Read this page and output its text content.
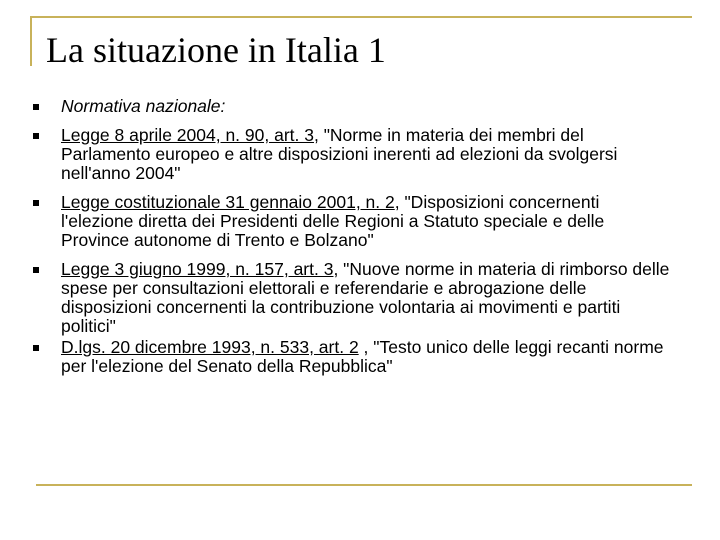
La situazione in Italia 1
Normativa nazionale:
Legge 8 aprile 2004, n. 90, art. 3, "Norme in materia dei membri del Parlamento europeo e altre disposizioni inerenti ad elezioni da svolgersi nell'anno 2004"
Legge costituzionale 31 gennaio 2001, n. 2, "Disposizioni concernenti l'elezione diretta dei Presidenti delle Regioni a Statuto speciale e delle Province autonome di Trento e Bolzano"
Legge 3 giugno 1999, n. 157, art. 3, "Nuove norme in materia di rimborso delle spese per consultazioni elettorali e referendarie e abrogazione delle disposizioni concernenti la contribuzione volontaria ai movimenti e partiti politici"
D.lgs. 20 dicembre 1993, n. 533, art. 2 , "Testo unico delle leggi recanti norme per l'elezione del Senato della Repubblica"
